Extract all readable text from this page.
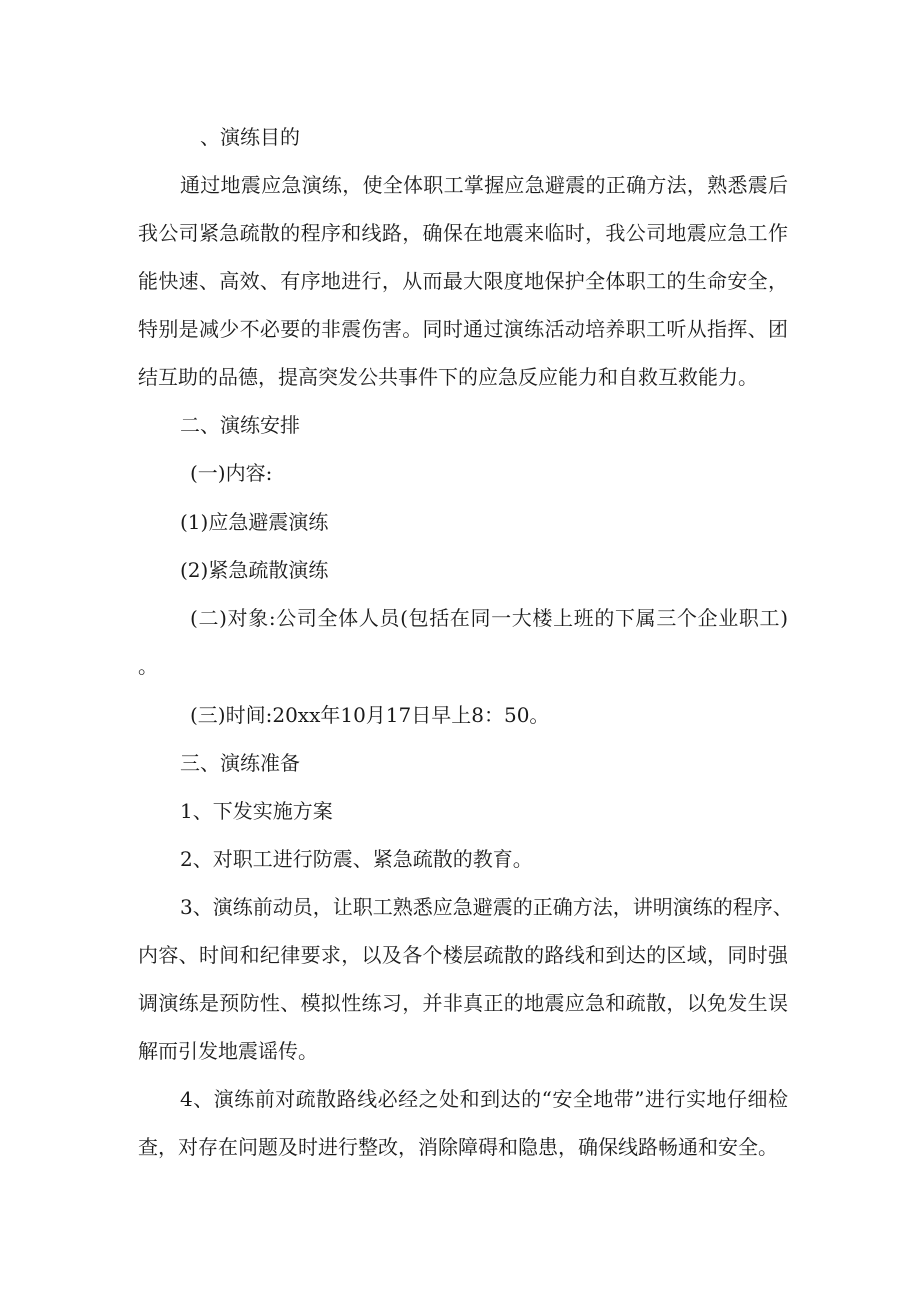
、演练目的
通过地震应急演练，使全体职工掌握应急避震的正确方法，熟悉震后
我公司紧急疏散的程序和线路，确保在地震来临时，我公司地震应急工作
能快速、高效、有序地进行，从而最大限度地保护全体职工的生命安全，
特别是减少不必要的非震伤害。同时通过演练活动培养职工听从指挥、团
结互助的品德，提高突发公共事件下的应急反应能力和自救互救能力。
二、演练安排
(一)内容:
(1)应急避震演练
(2)紧急疏散演练
(二)对象:公司全体人员(包括在同一大楼上班的下属三个企业职工)
。
(三)时间:20xx年10月17日早上8：50。
三、演练准备
1、下发实施方案
2、对职工进行防震、紧急疏散的教育。
3、演练前动员，让职工熟悉应急避震的正确方法，讲明演练的程序、
内容、时间和纪律要求，以及各个楼层疏散的路线和到达的区域，同时强
调演练是预防性、模拟性练习，并非真正的地震应急和疏散，以免发生误
解而引发地震谣传。
4、演练前对疏散路线必经之处和到达的“安全地带”进行实地仔细检
查，对存在问题及时进行整改，消除障碍和隐患，确保线路畅通和安全。
